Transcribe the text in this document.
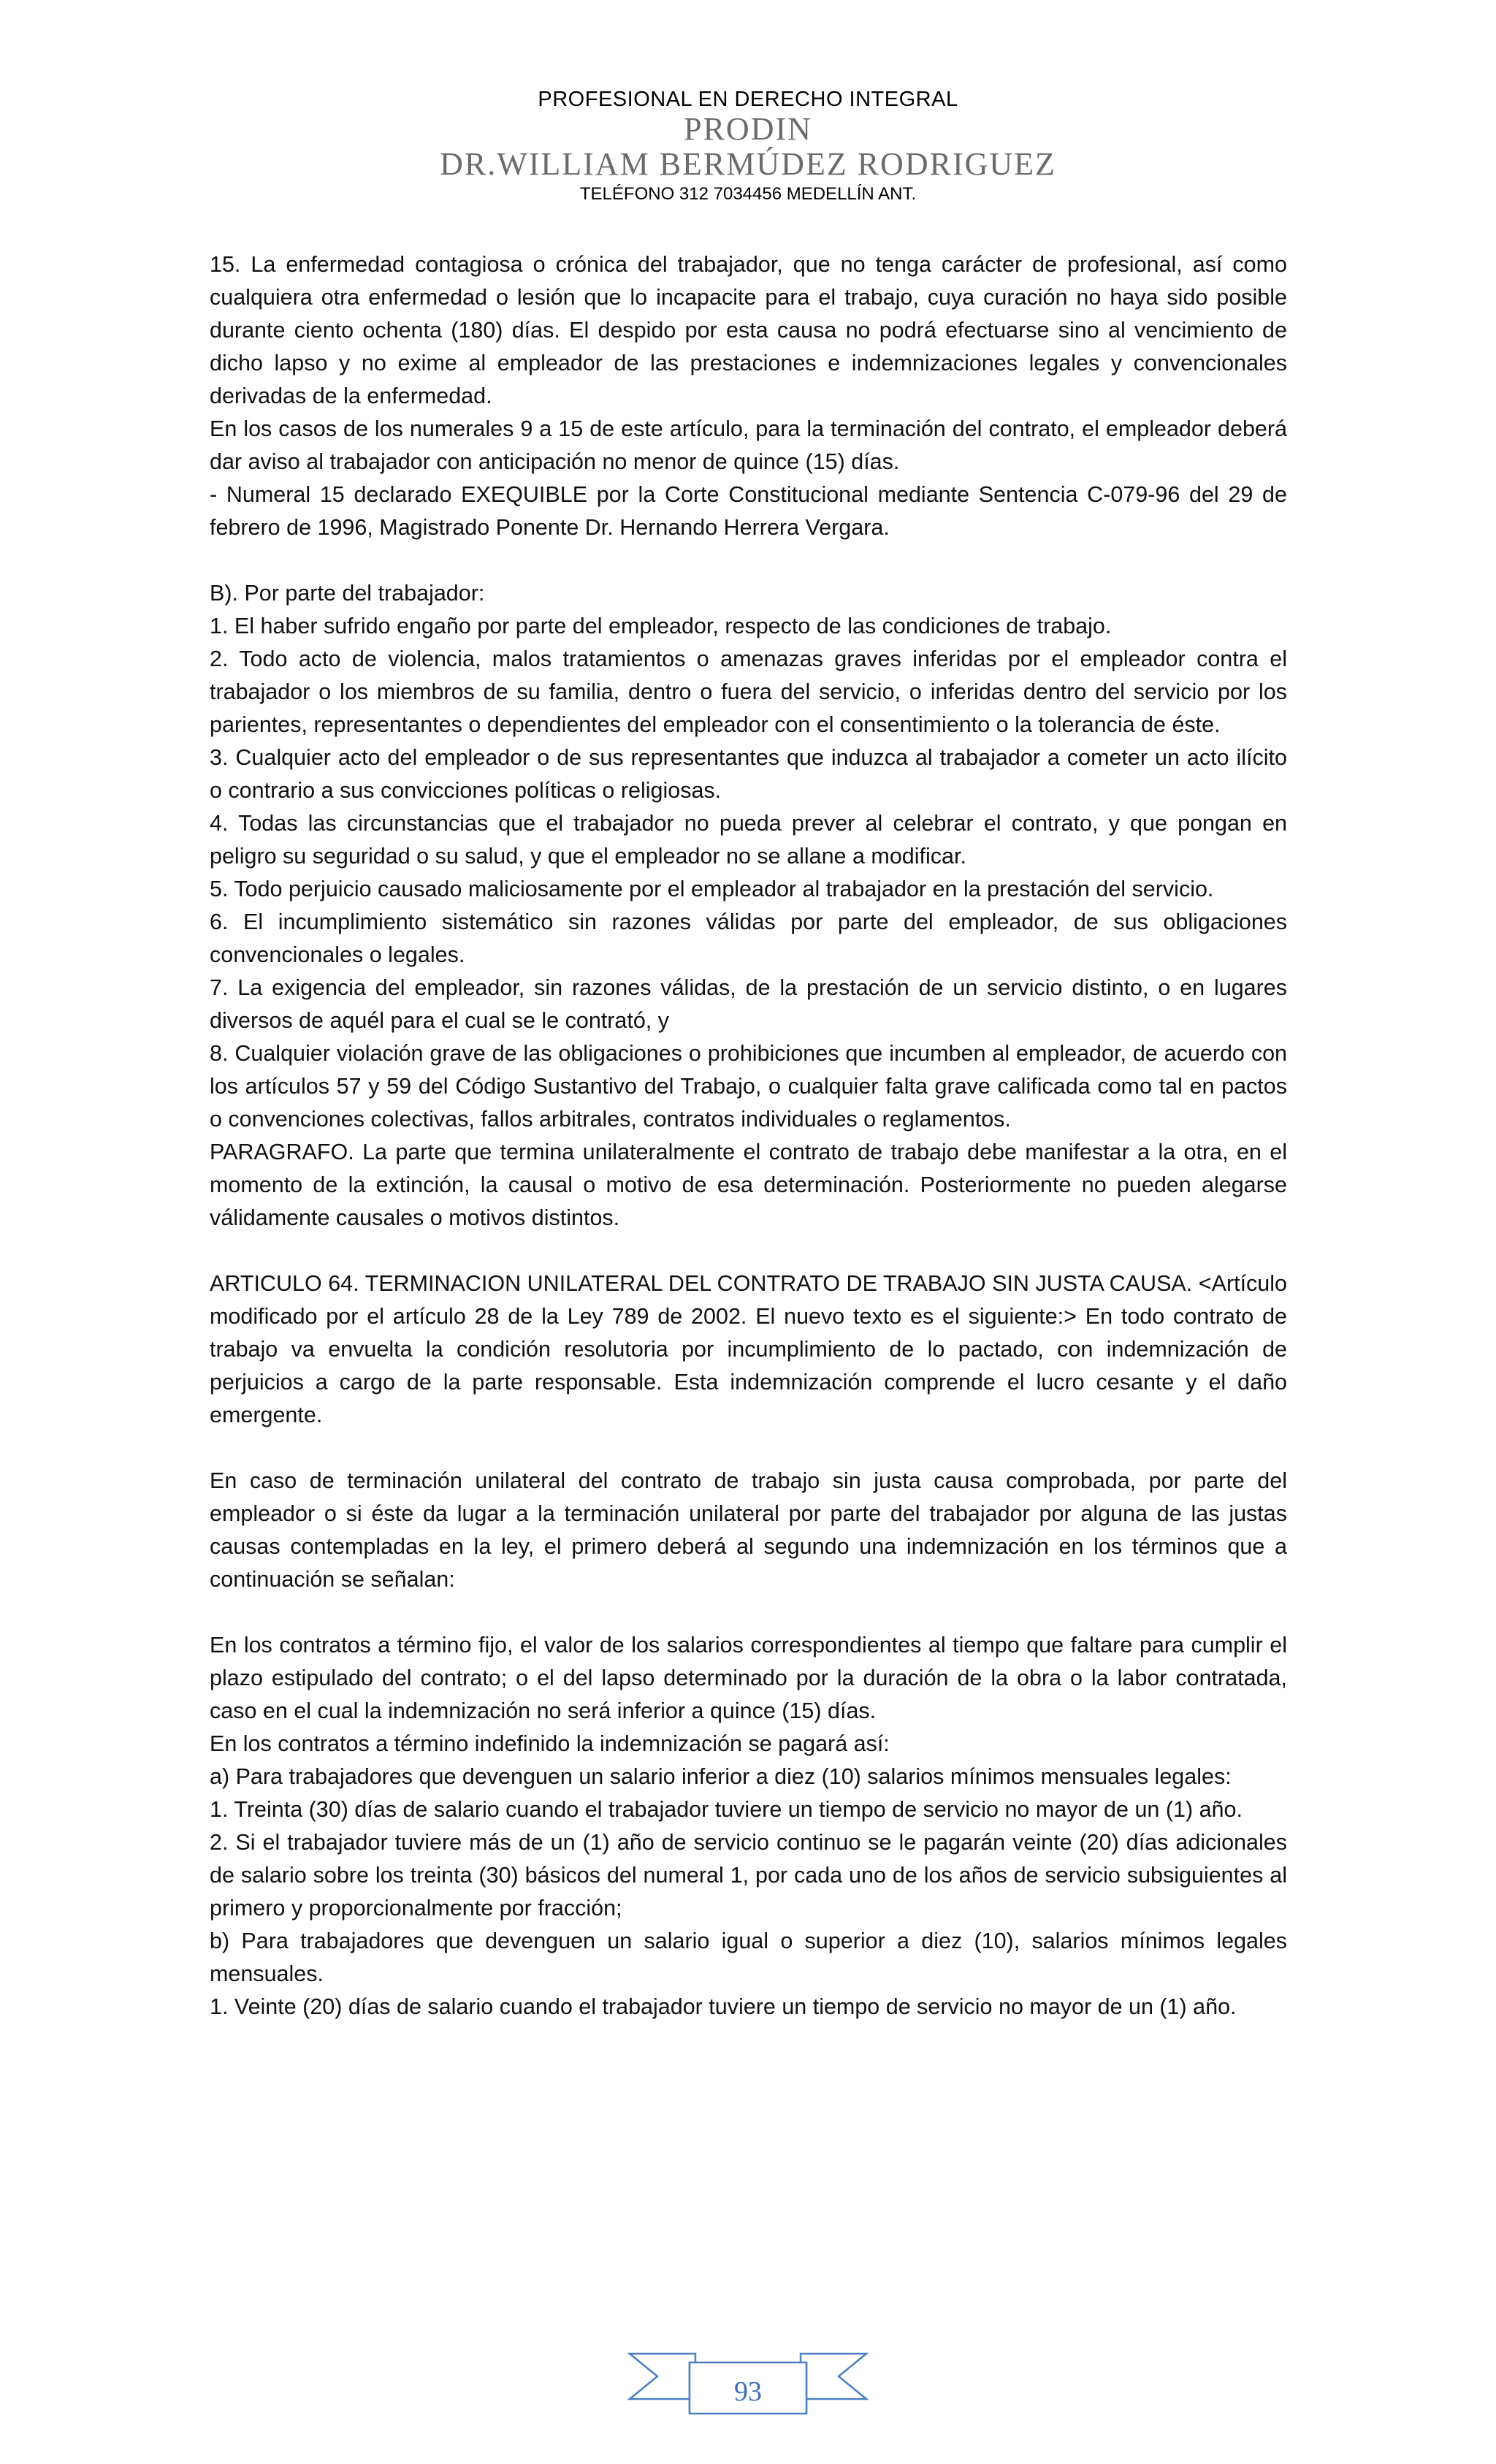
PROFESIONAL EN DERECHO INTEGRAL
PRODIN
DR.WILLIAM BERMÚDEZ RODRIGUEZ
TELÉFONO 312 7034456 MEDELLÍN ANT.

15. La enfermedad contagiosa o crónica del trabajador, que no tenga carácter de profesional, así como cualquiera otra enfermedad o lesión que lo incapacite para el trabajo, cuya curación no haya sido posible durante ciento ochenta (180) días. El despido por esta causa no podrá efectuarse sino al vencimiento de dicho lapso y no exime al empleador de las prestaciones e indemnizaciones legales y convencionales derivadas de la enfermedad.

En los casos de los numerales 9 a 15 de este artículo, para la terminación del contrato, el empleador deberá dar aviso al trabajador con anticipación no menor de quince (15) días.

- Numeral 15 declarado EXEQUIBLE por la Corte Constitucional mediante Sentencia C-079-96 del 29 de febrero de 1996, Magistrado Ponente Dr. Hernando Herrera Vergara.

B). Por parte del trabajador:

1. El haber sufrido engaño por parte del empleador, respecto de las condiciones de trabajo.

2. Todo acto de violencia, malos tratamientos o amenazas graves inferidas por el empleador contra el trabajador o los miembros de su familia, dentro o fuera del servicio, o inferidas dentro del servicio por los parientes, representantes o dependientes del empleador con el consentimiento o la tolerancia de éste.

3. Cualquier acto del empleador o de sus representantes que induzca al trabajador a cometer un acto ilícito o contrario a sus convicciones políticas o religiosas.

4. Todas las circunstancias que el trabajador no pueda prever al celebrar el contrato, y que pongan en peligro su seguridad o su salud, y que el empleador no se allane a modificar.

5. Todo perjuicio causado maliciosamente por el empleador al trabajador en la prestación del servicio.

6. El incumplimiento sistemático sin razones válidas por parte del empleador, de sus obligaciones convencionales o legales.

7. La exigencia del empleador, sin razones válidas, de la prestación de un servicio distinto, o en lugares diversos de aquél para el cual se le contrató, y

8. Cualquier violación grave de las obligaciones o prohibiciones que incumben al empleador, de acuerdo con los artículos 57 y 59 del Código Sustantivo del Trabajo, o cualquier falta grave calificada como tal en pactos o convenciones colectivas, fallos arbitrales, contratos individuales o reglamentos.

PARAGRAFO. La parte que termina unilateralmente el contrato de trabajo debe manifestar a la otra, en el momento de la extinción, la causal o motivo de esa determinación. Posteriormente no pueden alegarse válidamente causales o motivos distintos.

ARTICULO 64. TERMINACION UNILATERAL DEL CONTRATO DE TRABAJO SIN JUSTA CAUSA. <Artículo modificado por el artículo 28 de la Ley 789 de 2002. El nuevo texto es el siguiente:> En todo contrato de trabajo va envuelta la condición resolutoria por incumplimiento de lo pactado, con indemnización de perjuicios a cargo de la parte responsable. Esta indemnización comprende el lucro cesante y el daño emergente.

En caso de terminación unilateral del contrato de trabajo sin justa causa comprobada, por parte del empleador o si éste da lugar a la terminación unilateral por parte del trabajador por alguna de las justas causas contempladas en la ley, el primero deberá al segundo una indemnización en los términos que a continuación se señalan:

En los contratos a término fijo, el valor de los salarios correspondientes al tiempo que faltare para cumplir el plazo estipulado del contrato; o el del lapso determinado por la duración de la obra o la labor contratada, caso en el cual la indemnización no será inferior a quince (15) días.

En los contratos a término indefinido la indemnización se pagará así:

a) Para trabajadores que devenguen un salario inferior a diez (10) salarios mínimos mensuales legales:

1. Treinta (30) días de salario cuando el trabajador tuviere un tiempo de servicio no mayor de un (1) año.

2. Si el trabajador tuviere más de un (1) año de servicio continuo se le pagarán veinte (20) días adicionales de salario sobre los treinta (30) básicos del numeral 1, por cada uno de los años de servicio subsiguientes al primero y proporcionalmente por fracción;

b) Para trabajadores que devenguen un salario igual o superior a diez (10), salarios mínimos legales mensuales.

1. Veinte (20) días de salario cuando el trabajador tuviere un tiempo de servicio no mayor de un (1) año.

93
